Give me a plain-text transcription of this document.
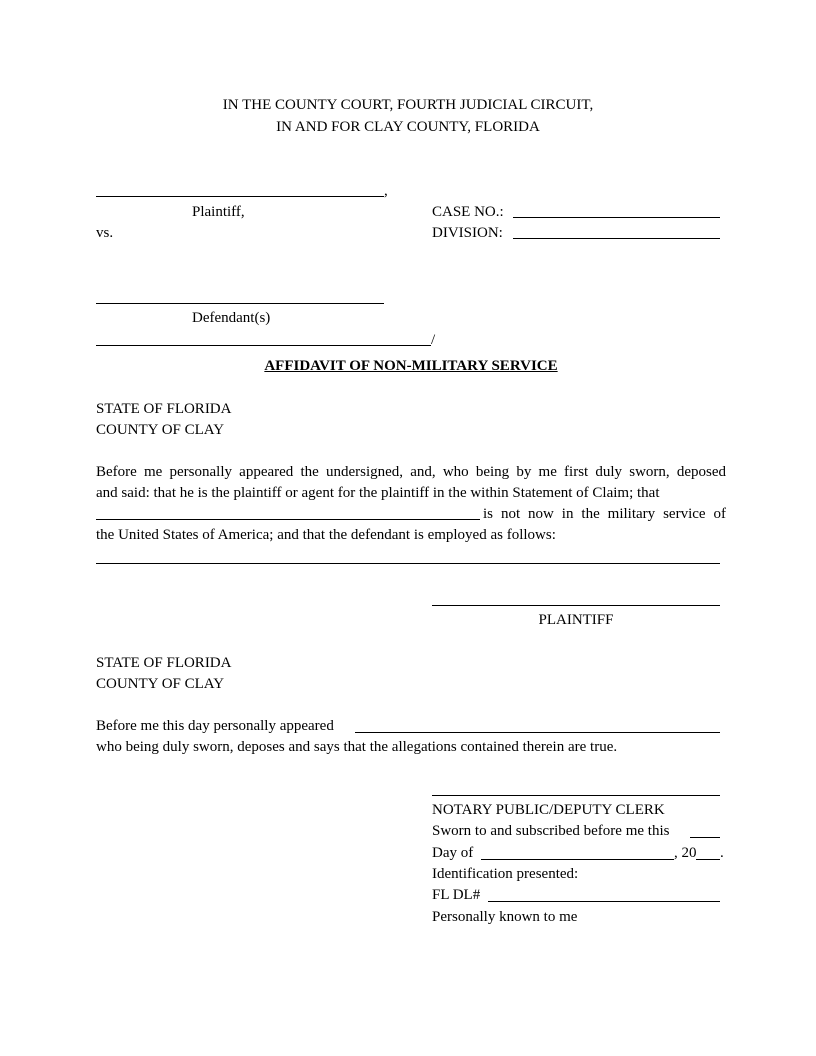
IN THE COUNTY COURT, FOURTH JUDICIAL CIRCUIT,
IN AND FOR CLAY COUNTY, FLORIDA
,
Plaintiff,
vs.
Defendant(s)
/
CASE NO.:
DIVISION:
AFFIDAVIT OF NON-MILITARY SERVICE
STATE OF FLORIDA
COUNTY OF CLAY
Before me personally appeared the undersigned, and, who being by me first duly sworn, deposed
and said: that he is the plaintiff or agent for the plaintiff in the within Statement of Claim; that
is not now in the military service of
the United States of America; and that the defendant is employed as follows:
PLAINTIFF
STATE OF FLORIDA
COUNTY OF CLAY
Before me this day personally appeared
who being duly sworn, deposes and says that the allegations contained therein are true.
NOTARY PUBLIC/DEPUTY CLERK
Sworn to and subscribed before me this
Day of	, 20 .
Identification presented:
FL DL#
Personally known to me
